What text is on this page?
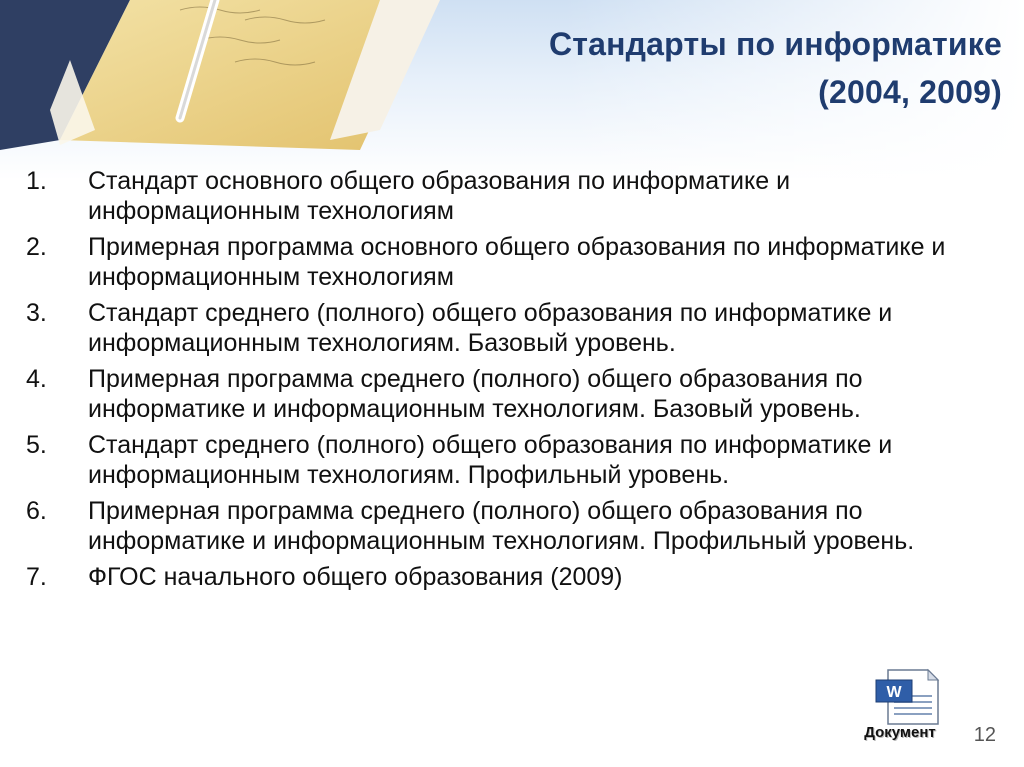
Стандарты по информатике
(2004, 2009)
1.	Стандарт основного общего образования по информатике и информационным технологиям
2.	Примерная программа основного общего образования по информатике и информационным технологиям
3.	Стандарт среднего (полного) общего образования по информатике и информационным технологиям. Базовый уровень.
4.	Примерная программа среднего (полного) общего образования по информатике и информационным технологиям. Базовый уровень.
5.	Стандарт среднего (полного) общего образования по информатике и информационным технологиям. Профильный уровень.
6.	Примерная программа среднего (полного) общего образования по информатике и информационным технологиям. Профильный уровень.
7.	ФГОС начального общего образования (2009)
W
Документ	12
